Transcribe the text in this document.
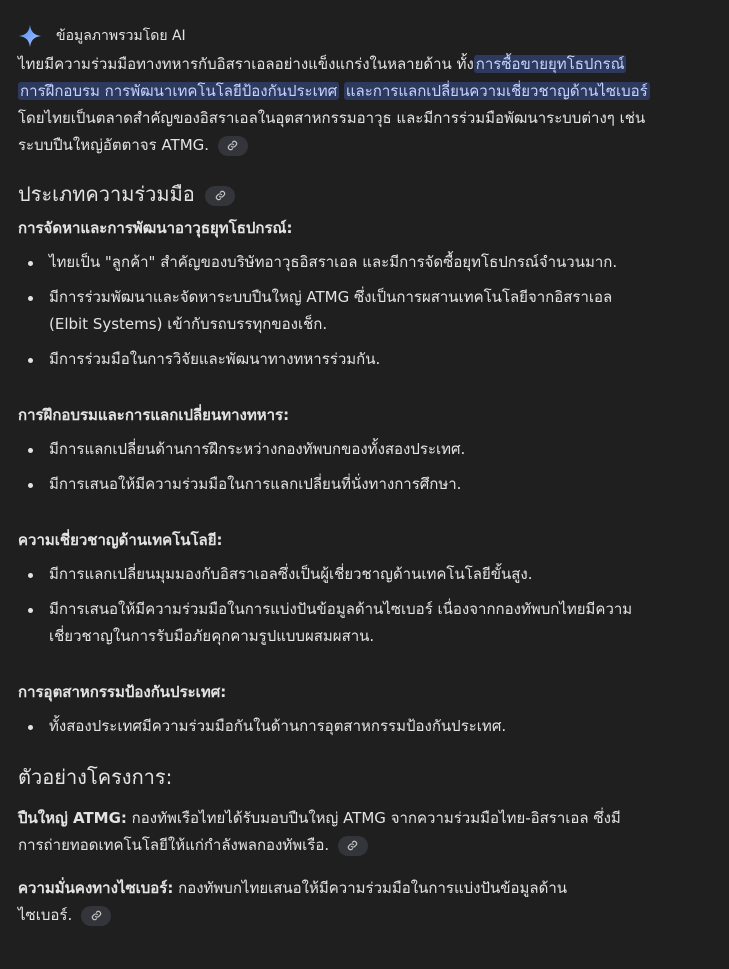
ข้อมูลภาพรวมโดย AI

ไทยมีความร่วมมือทางทหารกับอิสราเอลอย่างแข็งแกร่งในหลายด้าน ทั้ง การซื้อขายยุทโธปกรณ์
การฝึกอบรม การพัฒนาเทคโนโลยีป้องกันประเทศ และการแลกเปลี่ยนความเชี่ยวชาญด้านไซเบอร์
โดยไทยเป็นตลาดสำคัญของอิสราเอลในอุตสาหกรรมอาวุธ และมีการร่วมมือพัฒนาระบบต่างๆ เช่น
ระบบปืนใหญ่อัตตาจร ATMG.

ประเภทความร่วมมือ
การจัดหาและการพัฒนาอาวุธยุทโธปกรณ์:
ไทยเป็น "ลูกค้า" สำคัญของบริษัทอาวุธอิสราเอล และมีการจัดซื้อยุทโธปกรณ์จำนวนมาก.
มีการร่วมพัฒนาและจัดหาระบบปืนใหญ่ ATMG ซึ่งเป็นการผสานเทคโนโลยีจากอิสราเอล
(Elbit Systems) เข้ากับรถบรรทุกของเช็ก.
มีการร่วมมือในการวิจัยและพัฒนาทางทหารร่วมกัน.
การฝึกอบรมและการแลกเปลี่ยนทางทหาร:
มีการแลกเปลี่ยนด้านการฝึกระหว่างกองทัพบกของทั้งสองประเทศ.
มีการเสนอให้มีความร่วมมือในการแลกเปลี่ยนที่นั่งทางการศึกษา.
ความเชี่ยวชาญด้านเทคโนโลยี:
มีการแลกเปลี่ยนมุมมองกับอิสราเอลซึ่งเป็นผู้เชี่ยวชาญด้านเทคโนโลยีขั้นสูง.
มีการเสนอให้มีความร่วมมือในการแบ่งปันข้อมูลด้านไซเบอร์ เนื่องจากกองทัพบกไทยมีความ
เชี่ยวชาญในการรับมือภัยคุกคามรูปแบบผสมผสาน.
การอุตสาหกรรมป้องกันประเทศ:
ทั้งสองประเทศมีความร่วมมือกันในด้านการอุตสาหกรรมป้องกันประเทศ.
ตัวอย่างโครงการ:

ปืนใหญ่ ATMG: กองทัพเรือไทยได้รับมอบปืนใหญ่ ATMG จากความร่วมมือไทย-อิสราเอล ซึ่งมี
การถ่ายทอดเทคโนโลยีให้แก่กำลังพลกองทัพเรือ.

ความมั่นคงทางไซเบอร์: กองทัพบกไทยเสนอให้มีความร่วมมือในการแบ่งปันข้อมูลด้าน
ไซเบอร์.
